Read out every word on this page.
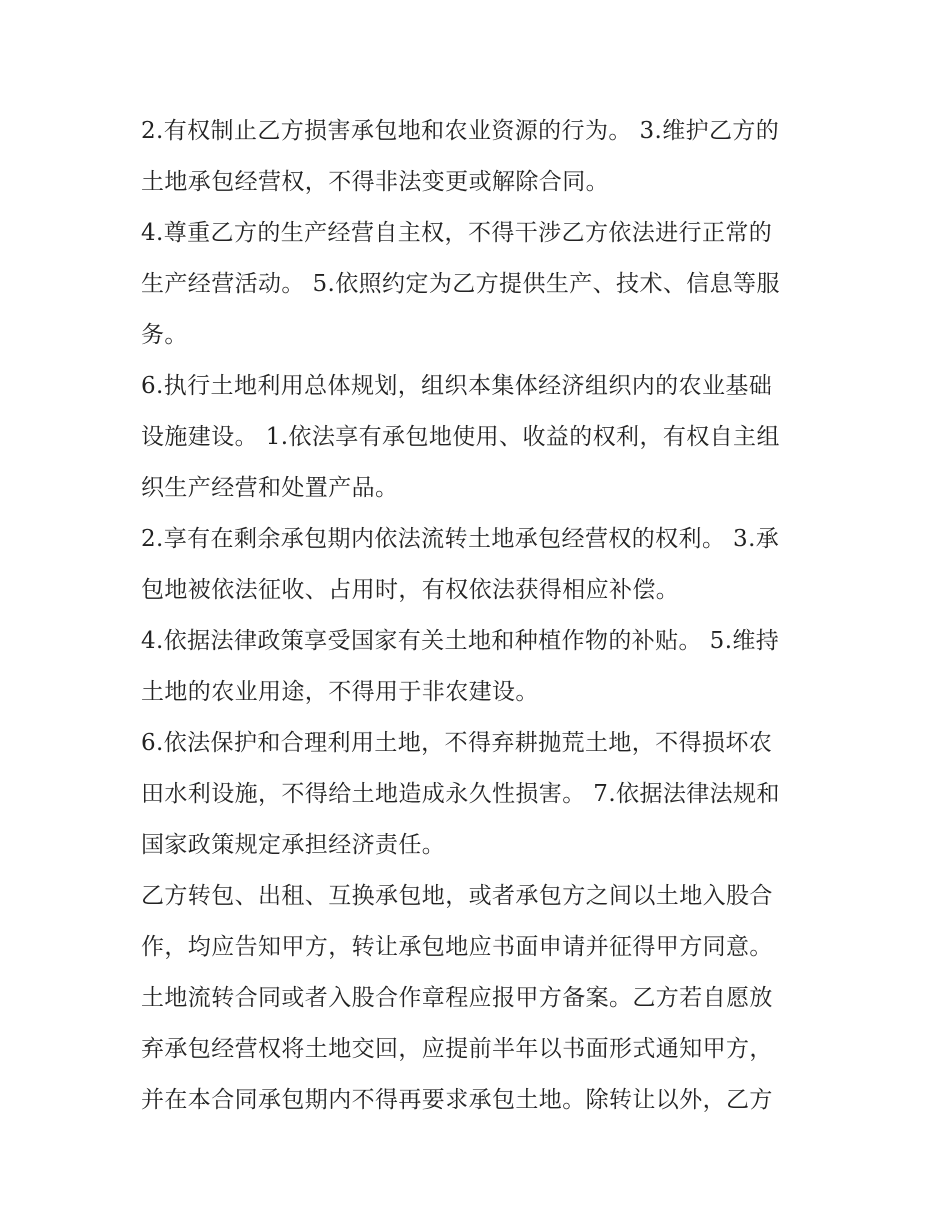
2.有权制止乙方损害承包地和农业资源的行为。 3.维护乙方的
土地承包经营权，不得非法变更或解除合同。
4.尊重乙方的生产经营自主权，不得干涉乙方依法进行正常的
生产经营活动。 5.依照约定为乙方提供生产、技术、信息等服
务。
6.执行土地利用总体规划，组织本集体经济组织内的农业基础
设施建设。 1.依法享有承包地使用、收益的权利，有权自主组
织生产经营和处置产品。
2.享有在剩余承包期内依法流转土地承包经营权的权利。 3.承
包地被依法征收、占用时，有权依法获得相应补偿。
4.依据法律政策享受国家有关土地和种植作物的补贴。 5.维持
土地的农业用途，不得用于非农建设。
6.依法保护和合理利用土地，不得弃耕抛荒土地，不得损坏农
田水利设施，不得给土地造成永久性损害。 7.依据法律法规和
国家政策规定承担经济责任。
乙方转包、出租、互换承包地，或者承包方之间以土地入股合
作，均应告知甲方，转让承包地应书面申请并征得甲方同意。
土地流转合同或者入股合作章程应报甲方备案。乙方若自愿放
弃承包经营权将土地交回，应提前半年以书面形式通知甲方，
并在本合同承包期内不得再要求承包土地。除转让以外，乙方
